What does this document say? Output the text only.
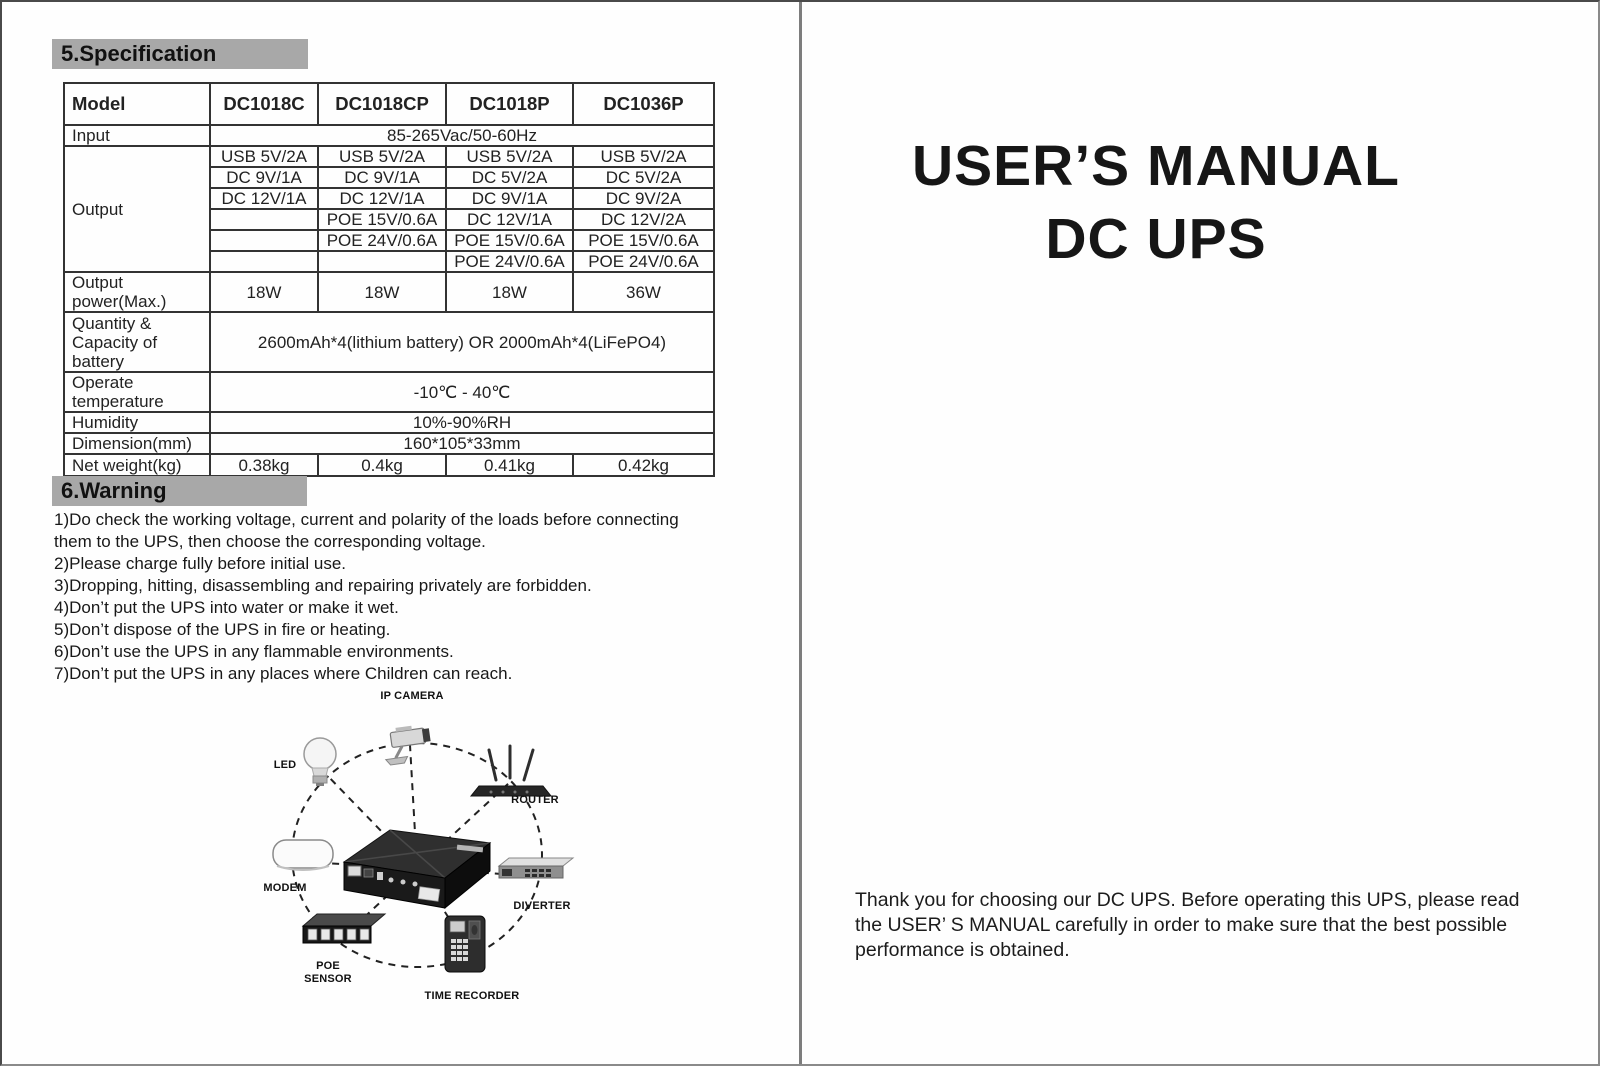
5.Specification
Model	DC1018C	DC1018CP	DC1018P	DC1036P
Input	85-265Vac/50-60Hz			
Output	USB 5V/2A	USB 5V/2A	USB 5V/2A	USB 5V/2A
	DC 9V/1A	DC 9V/1A	DC 5V/2A	DC 5V/2A
	DC 12V/1A	DC 12V/1A	DC 9V/1A	DC 9V/2A
		POE 15V/0.6A	DC 12V/1A	DC 12V/2A
		POE 24V/0.6A	POE 15V/0.6A	POE 15V/0.6A
			POE 24V/0.6A	POE 24V/0.6A
Output power(Max.)	18W	18W	18W	36W
Quantity & Capacity of battery	2600mAh*4(lithium battery) OR 2000mAh*4(LiFePO4)			
Operate temperature	-10℃ - 40℃			
Humidity	10%-90%RH			
Dimension(mm)	160*105*33mm			
Net weight(kg)	0.38kg	0.4kg	0.41kg	0.42kg
6.Warning
1)Do check the working voltage, current and polarity of the loads before connecting
them to the UPS, then choose the corresponding voltage.
2)Please charge fully before initial use.
3)Dropping, hitting, disassembling and repairing privately are forbidden.
4)Don’t put the UPS into water or make it wet.
5)Don’t dispose of the UPS in fire or heating.
6)Don’t use the UPS in any flammable environments.
7)Don’t put the UPS in any places where Children can reach.
IP CAMERA
LED
ROUTER
MODEM
DIVERTER
POE SENSOR
TIME RECORDER
USER’S MANUAL
DC UPS
Thank you for choosing our DC UPS. Before operating this UPS, please read
the USER’ S MANUAL carefully in order to make sure that the best possible
performance is obtained.
